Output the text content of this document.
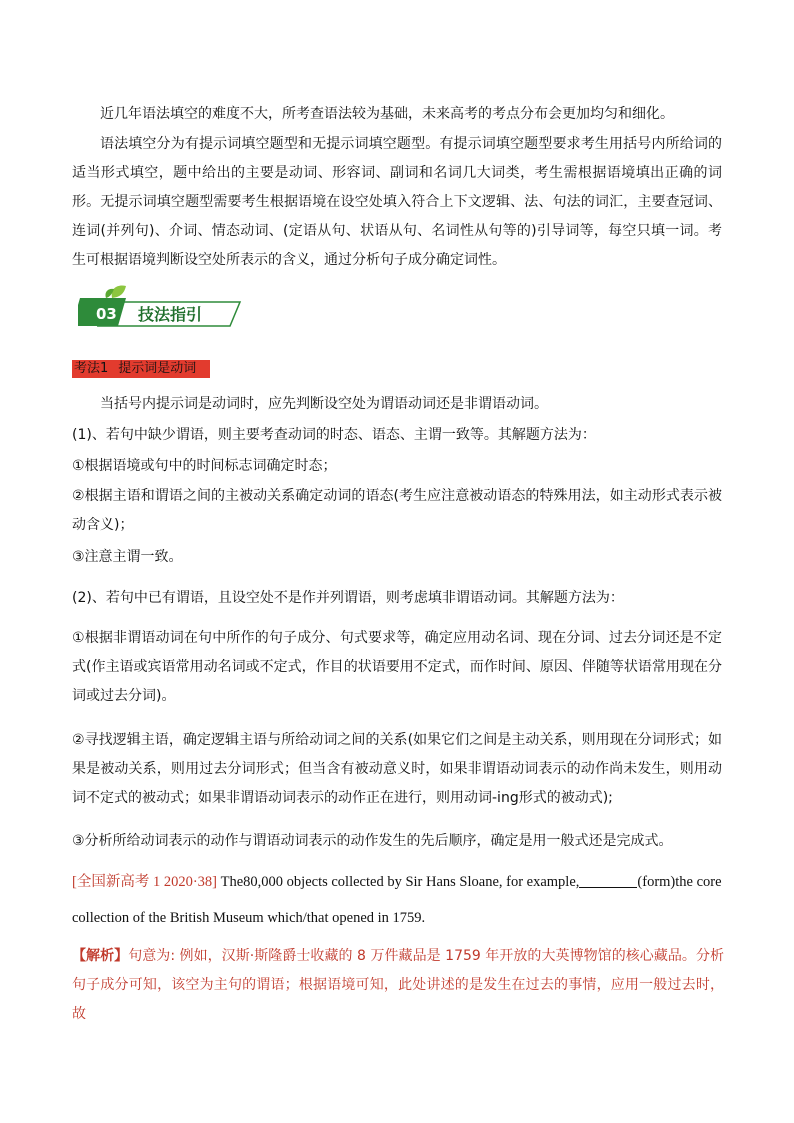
近几年语法填空的难度不大，所考查语法较为基础，未来高考的考点分布会更加均匀和细化。

语法填空分为有提示词填空题型和无提示词填空题型。有提示词填空题型要求考生用括号内所给词的适当形式填空，题中给出的主要是动词、形容词、副词和名词几大词类，考生需根据语境填出正确的词形。无提示词填空题型需要考生根据语境在设空处填入符合上下文逻辑、法、句法的词汇，主要查冠词、连词(并列句)、介词、情态动词、(定语从句、状语从句、名词性从句等的)引导词等，每空只填一词。考生可根据语境判断设空处所表示的含义，通过分析句子成分确定词性。

03 技法指引
考法1 提示词是动词

当括号内提示词是动词时，应先判断设空处为谓语动词还是非谓语动词。

(1)、若句中缺少谓语，则主要考查动词的时态、语态、主谓一致等。其解题方法为：

①根据语境或句中的时间标志词确定时态；

②根据主语和谓语之间的主被动关系确定动词的语态(考生应注意被动语态的特殊用法，如主动形式表示被动含义)；

③注意主谓一致。

(2)、若句中已有谓语，且设空处不是作并列谓语，则考虑填非谓语动词。其解题方法为：

①根据非谓语动词在句中所作的句子成分、句式要求等，确定应用动名词、现在分词、过去分词还是不定式(作主语或宾语常用动名词或不定式，作目的状语要用不定式，而作时间、原因、伴随等状语常用现在分词或过去分词)。

②寻找逻辑主语，确定逻辑主语与所给动词之间的关系(如果它们之间是主动关系，则用现在分词形式；如果是被动关系，则用过去分词形式；但当含有被动意义时，如果非谓语动词表示的动作尚未发生，则用动词不定式的被动式；如果非谓语动词表示的动作正在进行，则用动词-ing形式的被动式);

③分析所给动词表示的动作与谓语动词表示的动作发生的先后顺序，确定是用一般式还是完成式。

[全国新高考 1 2020·38] The80,000 objects collected by Sir Hans Sloane, for example,	(form)the core

collection of the British Museum which/that opened in 1759.

【解析】句意为: 例如，汉斯·斯隆爵士收藏的 8 万件藏品是 1759 年开放的大英博物馆的核心藏品。分析句子成分可知，该空为主句的谓语；根据语境可知，此处讲述的是发生在过去的事情，应用一般过去时，故
